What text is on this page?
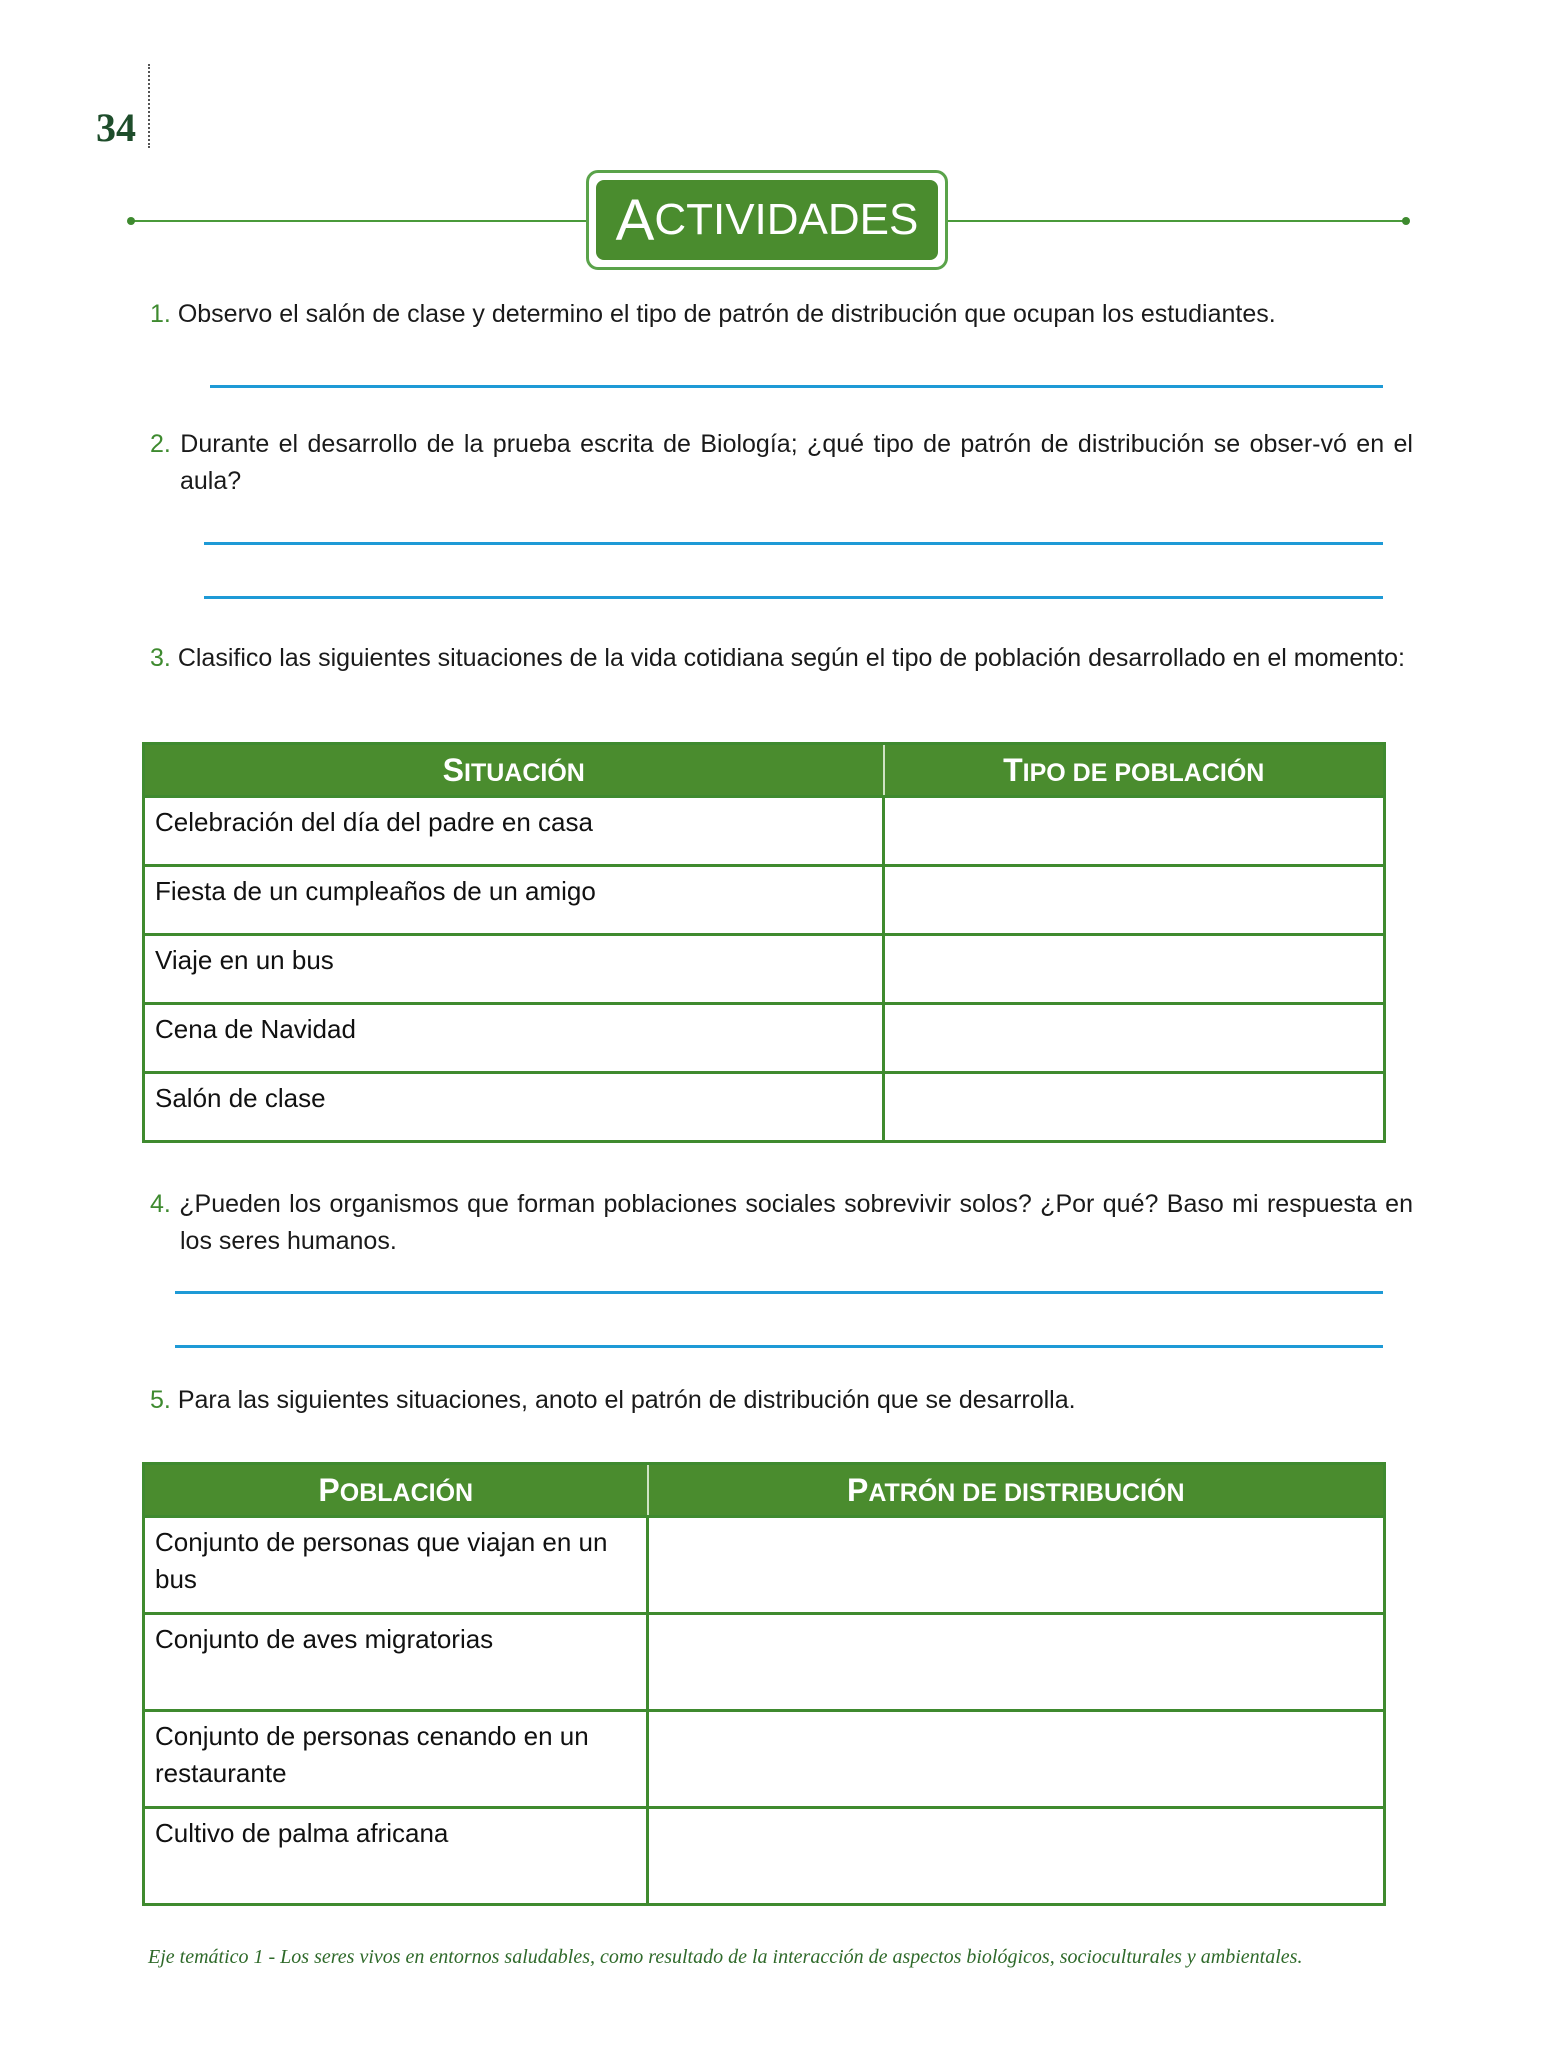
34
A CTIVIDADES
1. Observo el salón de clase y determino el tipo de patrón de distribución que ocupan los estudiantes.
2. Durante el desarrollo de la prueba escrita de Biología; ¿qué tipo de patrón de distribución se obser-vó en el aula?
3. Clasifico las siguientes situaciones de la vida cotidiana según el tipo de población desarrollado en el momento:
SITUACIÓN	TIPO DE POBLACIÓN
Celebración del día del padre en casa	
Fiesta de un cumpleaños de un amigo	
Viaje en un bus	
Cena de Navidad	
Salón de clase	
4. ¿Pueden los organismos que forman poblaciones sociales sobrevivir solos? ¿Por qué? Baso mi respuesta en los seres humanos.
5. Para las siguientes situaciones, anoto el patrón de distribución que se desarrolla.
POBLACIÓN	PATRÓN DE DISTRIBUCIÓN
Conjunto de personas que viajan en un bus	
Conjunto de aves migratorias	
Conjunto de personas cenando en un restaurante	
Cultivo de palma africana	
Eje temático 1 - Los seres vivos en entornos saludables, como resultado de la interacción de aspectos biológicos, socioculturales y ambientales.
